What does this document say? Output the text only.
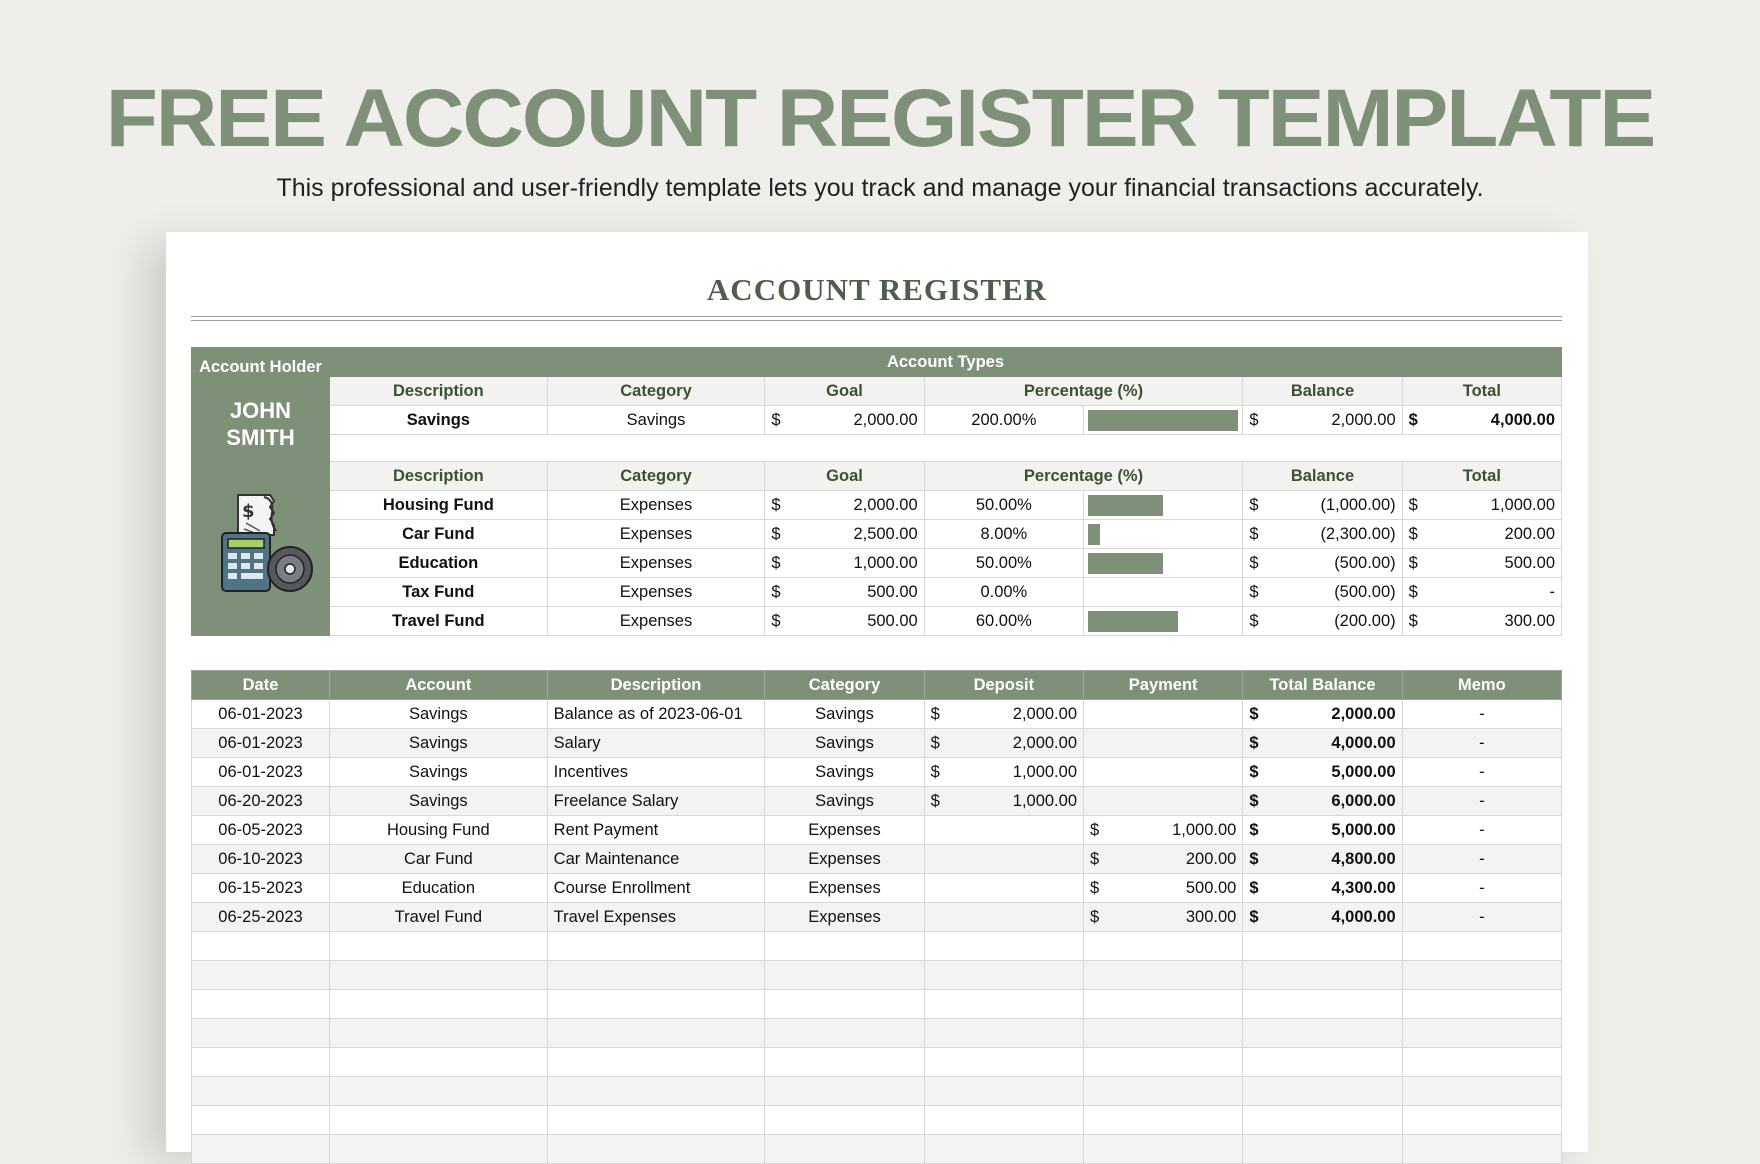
FREE ACCOUNT REGISTER TEMPLATE
This professional and user-friendly template lets you track and manage your financial transactions accurately.
ACCOUNT REGISTER
Account Holder
JOHN
SMITH
$	Account Types						
	Description	Category	Goal	Percentage (%)		Balance	Total
	Savings	Savings	$ 2,000.00	200.00%		$ 2,000.00	$ 4,000.00

	Description	Category	Goal	Percentage (%)		Balance	Total
	Housing Fund	Expenses	$ 2,000.00	50.00%		$ (1,000.00)	$ 1,000.00

	Car Fund	Expenses	$ 2,500.00	8.00%		$ (2,300.00)	$ 200.00

	Education	Expenses	$ 1,000.00	50.00%		$ (500.00)	$ 500.00

	Tax Fund	Expenses	$ 500.00	0.00%		$ (500.00)	$ -

	Travel Fund	Expenses	$ 500.00	60.00%		$ (200.00)	$ 300.00
Date	Account	Description	Category	Deposit	Payment	Total Balance	Memo
06-01-2023	Savings	Balance as of 2023-06-01	Savings	$ 2,000.00		$ 2,000.00	-
06-01-2023	Savings	Salary	Savings	$ 2,000.00		$ 4,000.00	-
06-01-2023	Savings	Incentives	Savings	$ 1,000.00		$ 5,000.00	-
06-20-2023	Savings	Freelance Salary	Savings	$ 1,000.00		$ 6,000.00	-
06-05-2023	Housing Fund	Rent Payment	Expenses		$ 1,000.00	$ 5,000.00	-
06-10-2023	Car Fund	Car Maintenance	Expenses		$ 200.00	$ 4,800.00	-
06-15-2023	Education	Course Enrollment	Expenses		$ 500.00	$ 4,300.00	-
06-25-2023	Travel Fund	Travel Expenses	Expenses		$ 300.00	$ 4,000.00	-
